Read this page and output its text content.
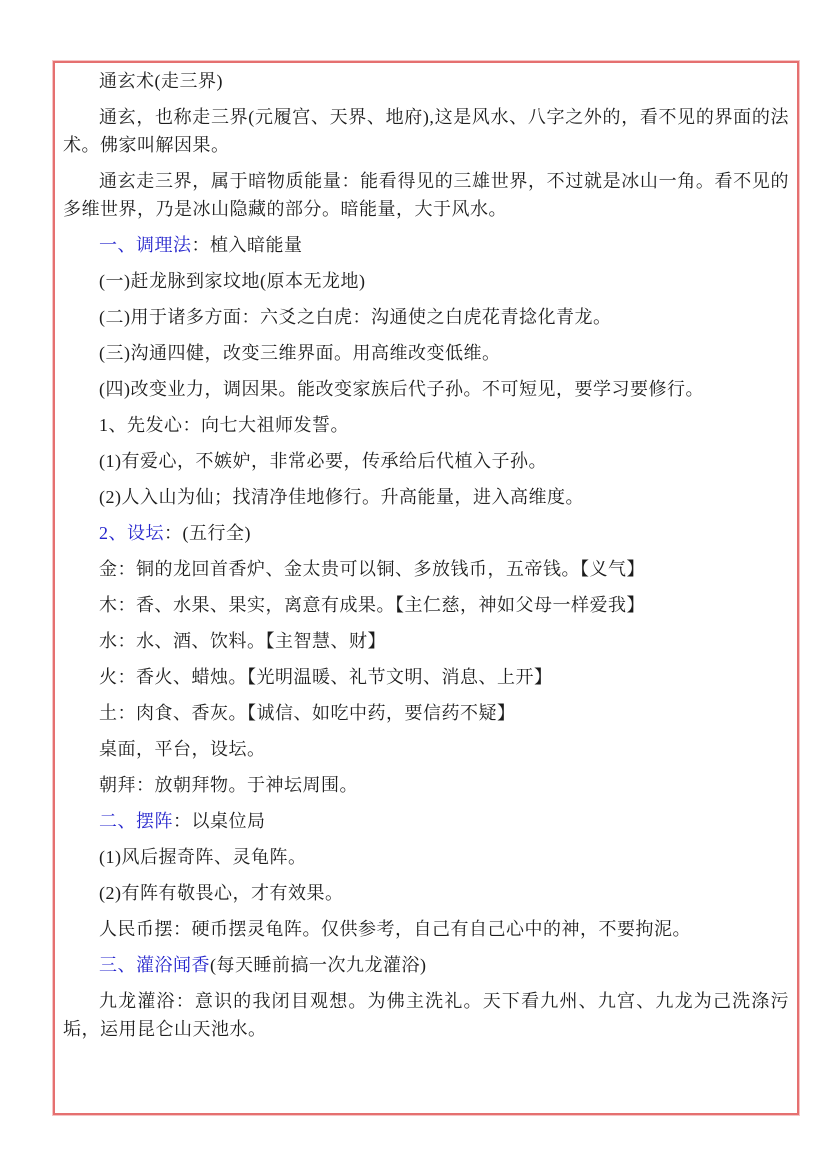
通玄术(走三界)

通玄，也称走三界(元履宫、天界、地府),这是风水、八字之外的，看不见的界面的法术。佛家叫解因果。

通玄走三界，属于暗物质能量：能看得见的三雄世界，不过就是冰山一角。看不见的多维世界，乃是冰山隐藏的部分。暗能量，大于风水。

一、调理法：植入暗能量

(一)赶龙脉到家坟地(原本无龙地)

(二)用于诸多方面：六爻之白虎：沟通使之白虎花青捻化青龙。

(三)沟通四健，改变三维界面。用高维改变低维。

(四)改变业力，调因果。能改变家族后代子孙。不可短见，要学习要修行。

1、先发心：向七大祖师发誓。

(1)有爱心，不嫉妒，非常必要，传承给后代植入子孙。

(2)人入山为仙；找清净佳地修行。升高能量，进入高维度。

2、设坛：(五行全)

金：铜的龙回首香炉、金太贵可以铜、多放钱币，五帝钱。【义气】

木：香、水果、果实，离意有成果。【主仁慈，神如父母一样爱我】

水：水、酒、饮料。【主智慧、财】

火：香火、蜡烛。【光明温暖、礼节文明、消息、上开】

土：肉食、香灰。【诚信、如吃中药，要信药不疑】

桌面，平台，设坛。

朝拜：放朝拜物。于神坛周围。

二、摆阵：以桌位局

(1)风后握奇阵、灵龟阵。

(2)有阵有敬畏心，才有效果。

人民币摆：硬币摆灵龟阵。仅供参考，自己有自己心中的神，不要拘泥。

三、灌浴闻香(每天睡前搞一次九龙灌浴)

九龙灌浴：意识的我闭目观想。为佛主洗礼。天下看九州、九宫、九龙为己洗涤污垢，运用昆仑山天池水。
